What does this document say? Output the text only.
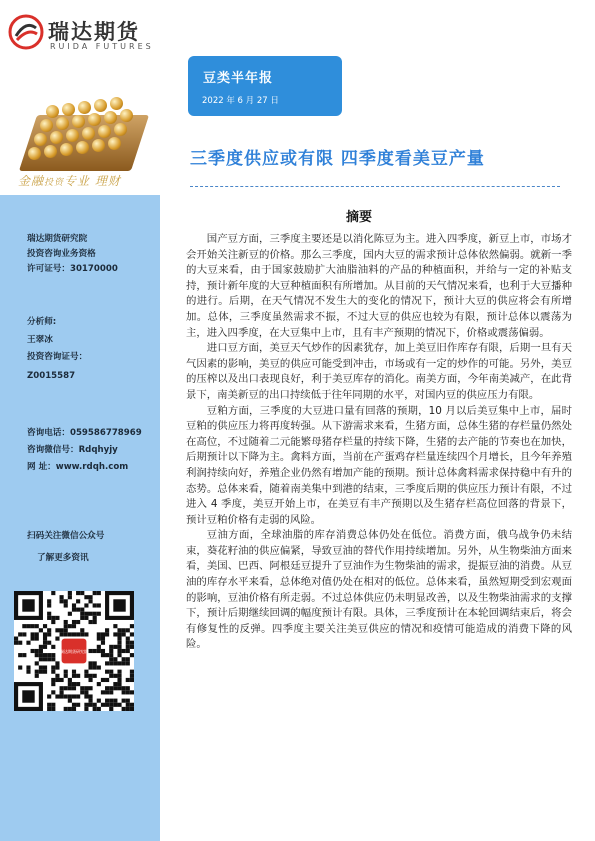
瑞达期货
RUIDA FUTURES
金融投资专业 理财
瑞达期货研究院
投资咨询业务资格
许可证号：30170000
分析师:
王翠冰
投资咨询证号：
Z0015587
咨询电话：059586778969
咨询微信号：Rdqhyjy
网 址：www.rdqh.com
扫码关注微信公众号
了解更多资讯
瑞达期货研究院
豆类半年报
2022 年 6 月 27 日
三季度供应或有限 四季度看美豆产量
摘要

国产豆方面，三季度主要还是以消化陈豆为主。进入四季度，新豆上市，市场才会开始关注新豆的价格。那么三季度，国内大豆的需求预计总体依然偏弱。就新一季的大豆来看，由于国家鼓励扩大油脂油料的产品的种植面积，并给与一定的补贴支持，预计新年度的大豆种植面积有所增加。从目前的天气情况来看，也利于大豆播种的进行。后期，在天气情况不发生大的变化的情况下，预计大豆的供应将会有所增加。总体，三季度虽然需求不振，不过大豆的供应也较为有限，预计总体以震荡为主，进入四季度，在大豆集中上市，且有丰产预期的情况下，价格或震荡偏弱。

进口豆方面，美豆天气炒作的因素犹存，加上美豆旧作库存有限，后期一旦有天气因素的影响，美豆的供应可能受到冲击，市场或有一定的炒作的可能。另外，美豆的压榨以及出口表现良好，利于美豆库存的消化。南美方面，今年南美减产，在此背景下，南美新豆的出口持续低于往年同期的水平，对国内豆的供应压力有限。

豆粕方面，三季度的大豆进口量有回落的预期，10 月以后美豆集中上市，届时豆粕的供应压力将再度转强。从下游需求来看，生猪方面，总体生猪的存栏量仍然处在高位，不过随着二元能繁母猪存栏量的持续下降，生猪的去产能的节奏也在加快，后期预计以下降为主。禽料方面，当前在产蛋鸡存栏量连续四个月增长，且今年养殖利润持续向好，养殖企业仍然有增加产能的预期。预计总体禽料需求保持稳中有升的态势。总体来看，随着南美集中到港的结束，三季度后期的供应压力预计有限，不过进入 4 季度，美豆开始上市，在美豆有丰产预期以及生猪存栏高位回落的背景下，预计豆粕价格有走弱的风险。

豆油方面，全球油脂的库存消费总体仍处在低位。消费方面，俄乌战争仍未结束，葵花籽油的供应偏紧，导致豆油的替代作用持续增加。另外，从生物柴油方面来看，美国、巴西、阿根廷豆提升了豆油作为生物柴油的需求，提振豆油的消费。从豆油的库存水平来看，总体绝对值仍处在相对的低位。总体来看，虽然短期受到宏观面的影响，豆油价格有所走弱。不过总体供应仍未明显改善，以及生物柴油需求的支撑下，预计后期继续回调的幅度预计有限。具体，三季度预计在本轮回调结束后，将会有修复性的反弹。四季度主要关注美豆供应的情况和疫情可能造成的消费下降的风险。
